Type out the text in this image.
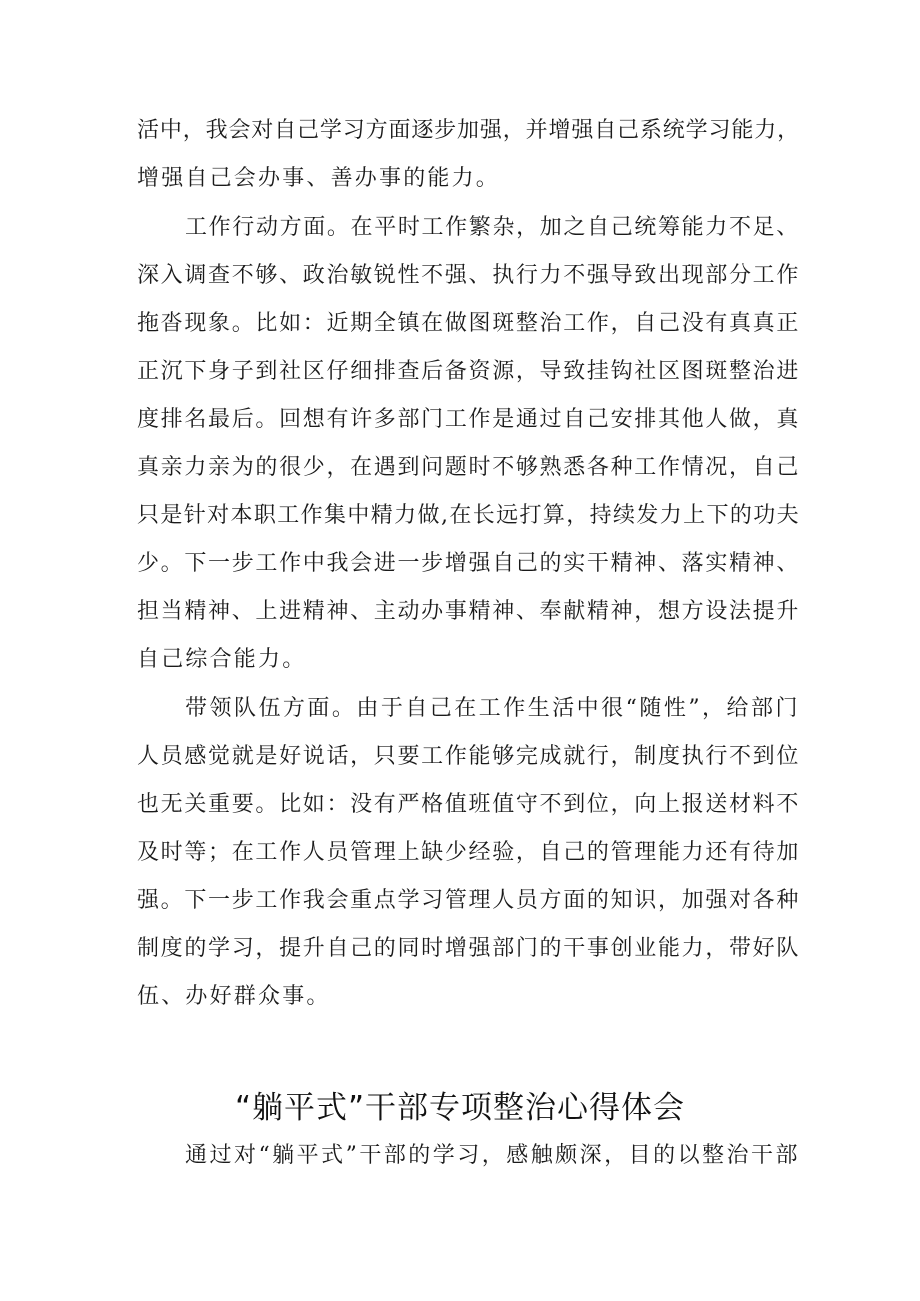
活中，我会对自己学习方面逐步加强，并增强自己系统学习能力，
增强自己会办事、善办事的能力。
工作行动方面。在平时工作繁杂，加之自己统筹能力不足、
深入调查不够、政治敏锐性不强、执行力不强导致出现部分工作
拖沓现象。比如：近期全镇在做图斑整治工作，自己没有真真正
正沉下身子到社区仔细排查后备资源，导致挂钩社区图斑整治进
度排名最后。回想有许多部门工作是通过自己安排其他人做，真
真亲力亲为的很少，在遇到问题时不够熟悉各种工作情况，自己
只是针对本职工作集中精力做,在长远打算，持续发力上下的功夫
少。下一步工作中我会进一步增强自己的实干精神、落实精神、
担当精神、上进精神、主动办事精神、奉献精神，想方设法提升
自己综合能力。
带领队伍方面。由于自己在工作生活中很“随性”，给部门
人员感觉就是好说话，只要工作能够完成就行，制度执行不到位
也无关重要。比如：没有严格值班值守不到位，向上报送材料不
及时等；在工作人员管理上缺少经验，自己的管理能力还有待加
强。下一步工作我会重点学习管理人员方面的知识，加强对各种
制度的学习，提升自己的同时增强部门的干事创业能力，带好队
伍、办好群众事。
“躺平式”干部专项整治心得体会
通过对“躺平式”干部的学习，感触颇深，目的以整治干部
